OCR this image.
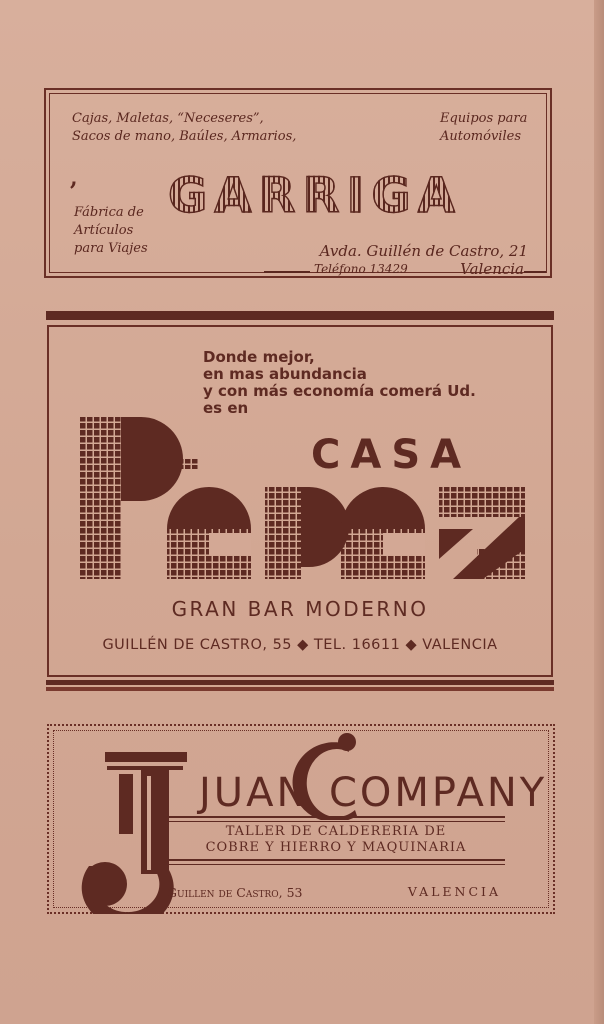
Cajas, Maletas, “Neceseres”,
Sacos de mano, Baúles, Armarios,
Equipos para
Automóviles
,
Fábrica de
Artículos
para Viajes
GARRIGA
Avda. Guillén de Castro, 21
Teléfono 13429	Valencia
Donde mejor,
en mas abundancia
y con más economía comerá Ud.
es en
CASA
GRAN BAR MODERNO
GUILLÉN DE CASTRO, 55 ◆ TEL. 16611 ◆ VALENCIA
JUAN COMPANY
TALLER DE CALDERERIA DE
COBRE Y HIERRO Y MAQUINARIA
Guillen de Castro, 53	VALENCIA
